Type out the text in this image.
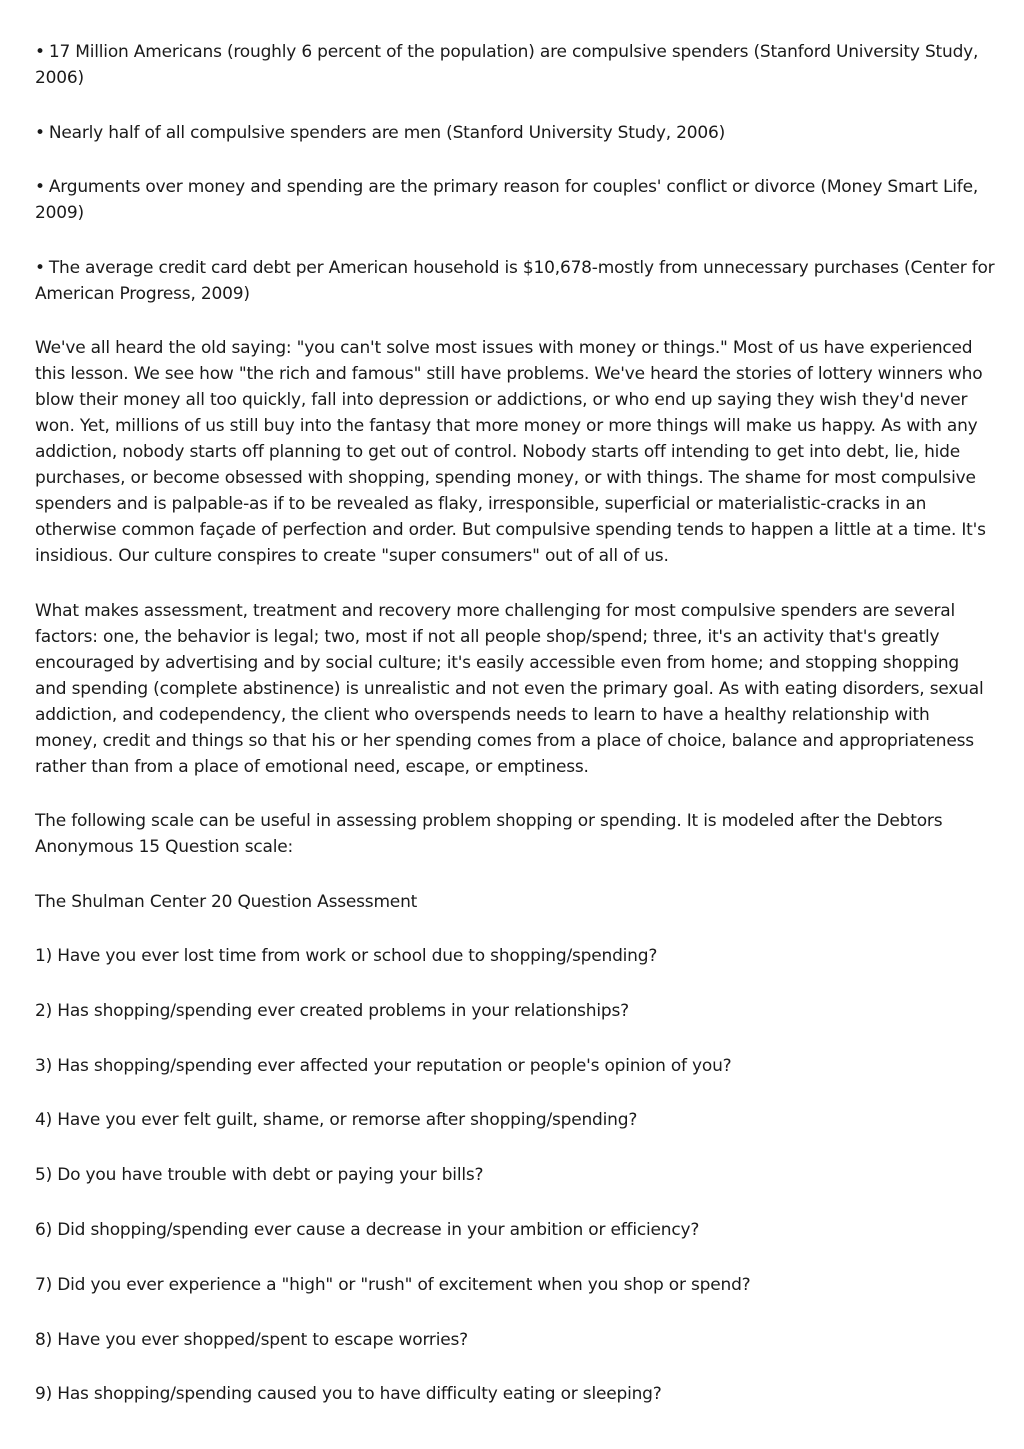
• 17 Million Americans (roughly 6 percent of the population) are compulsive spenders (Stanford University Study, 2006)

• Nearly half of all compulsive spenders are men (Stanford University Study, 2006)

• Arguments over money and spending are the primary reason for couples' conflict or divorce (Money Smart Life, 2009)

• The average credit card debt per American household is $10,678-mostly from unnecessary purchases (Center for American Progress, 2009)

We've all heard the old saying: "you can't solve most issues with money or things." Most of us have experienced this lesson. We see how "the rich and famous" still have problems. We've heard the stories of lottery winners who blow their money all too quickly, fall into depression or addictions, or who end up saying they wish they'd never won. Yet, millions of us still buy into the fantasy that more money or more things will make us happy. As with any addiction, nobody starts off planning to get out of control. Nobody starts off intending to get into debt, lie, hide purchases, or become obsessed with shopping, spending money, or with things. The shame for most compulsive spenders and is palpable-as if to be revealed as flaky, irresponsible, superficial or materialistic-cracks in an otherwise common façade of perfection and order. But compulsive spending tends to happen a little at a time. It's insidious. Our culture conspires to create "super consumers" out of all of us.

What makes assessment, treatment and recovery more challenging for most compulsive spenders are several factors: one, the behavior is legal; two, most if not all people shop/spend; three, it's an activity that's greatly encouraged by advertising and by social culture; it's easily accessible even from home; and stopping shopping and spending (complete abstinence) is unrealistic and not even the primary goal. As with eating disorders, sexual addiction, and codependency, the client who overspends needs to learn to have a healthy relationship with money, credit and things so that his or her spending comes from a place of choice, balance and appropriateness rather than from a place of emotional need, escape, or emptiness.

The following scale can be useful in assessing problem shopping or spending. It is modeled after the Debtors Anonymous 15 Question scale:

The Shulman Center 20 Question Assessment

1) Have you ever lost time from work or school due to shopping/spending?

2) Has shopping/spending ever created problems in your relationships?

3) Has shopping/spending ever affected your reputation or people's opinion of you?

4) Have you ever felt guilt, shame, or remorse after shopping/spending?

5) Do you have trouble with debt or paying your bills?

6) Did shopping/spending ever cause a decrease in your ambition or efficiency?

7) Did you ever experience a "high" or "rush" of excitement when you shop or spend?

8) Have you ever shopped/spent to escape worries?

9) Has shopping/spending caused you to have difficulty eating or sleeping?
